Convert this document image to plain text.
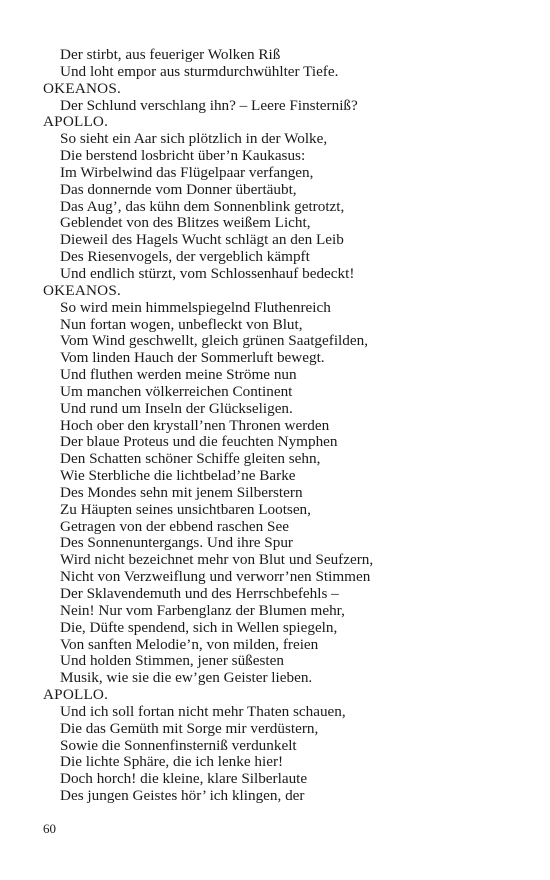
Der stirbt, aus feueriger Wolken Riß
Und loht empor aus sturmdurchwühlter Tiefe.
OKEANOS.
Der Schlund verschlang ihn? – Leere Finsterniß?
APOLLO.
So sieht ein Aar sich plötzlich in der Wolke,
Die berstend losbricht über’n Kaukasus:
Im Wirbelwind das Flügelpaar verfangen,
Das donnernde vom Donner übertäubt,
Das Aug’, das kühn dem Sonnenblink getrotzt,
Geblendet von des Blitzes weißem Licht,
Dieweil des Hagels Wucht schlägt an den Leib
Des Riesenvogels, der vergeblich kämpft
Und endlich stürzt, vom Schlossenhauf bedeckt!
OKEANOS.
So wird mein himmelspiegelnd Fluthenreich
Nun fortan wogen, unbefleckt von Blut,
Vom Wind geschwellt, gleich grünen Saatgefilden,
Vom linden Hauch der Sommerluft bewegt.
Und fluthen werden meine Ströme nun
Um manchen völkerreichen Continent
Und rund um Inseln der Glückseligen.
Hoch ober den krystall’nen Thronen werden
Der blaue Proteus und die feuchten Nymphen
Den Schatten schöner Schiffe gleiten sehn,
Wie Sterbliche die lichtbelad’ne Barke
Des Mondes sehn mit jenem Silberstern
Zu Häupten seines unsichtbaren Lootsen,
Getragen von der ebbend raschen See
Des Sonnenuntergangs. Und ihre Spur
Wird nicht bezeichnet mehr von Blut und Seufzern,
Nicht von Verzweiflung und verworr’nen Stimmen
Der Sklavendemuth und des Herrschbefehls –
Nein! Nur vom Farbenglanz der Blumen mehr,
Die, Düfte spendend, sich in Wellen spiegeln,
Von sanften Melodie’n, von milden, freien
Und holden Stimmen, jener süßesten
Musik, wie sie die ew’gen Geister lieben.
APOLLO.
Und ich soll fortan nicht mehr Thaten schauen,
Die das Gemüth mit Sorge mir verdüstern,
Sowie die Sonnenfinsterniß verdunkelt
Die lichte Sphäre, die ich lenke hier!
Doch horch! die kleine, klare Silberlaute
Des jungen Geistes hör’ ich klingen, der
60
